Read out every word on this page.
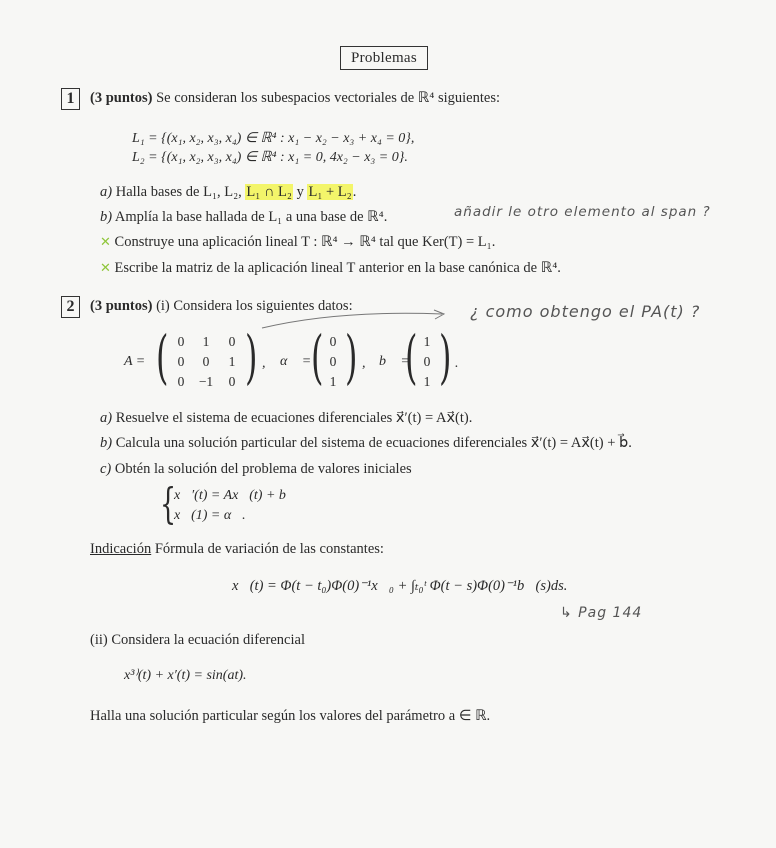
Problemas
1	(3 puntos) Se consideran los subespacios vectoriales de ℝ⁴ siguientes:
L₁ = {(x₁, x₂, x₃, x₄) ∈ ℝ⁴ : x₁ − x₂ − x₃ + x₄ = 0},
L₂ = {(x₁, x₂, x₃, x₄) ∈ ℝ⁴ : x₁ = 0, 4x₂ − x₃ = 0}.
a) Halla bases de L₁, L₂, L₁ ∩ L₂ y L₁ + L₂.
b) Amplía la base hallada de L₁ a una base de ℝ⁴.	añadir le otro elemento al span ?
✕ Construye una aplicación lineal T : ℝ⁴ → ℝ⁴ tal que Ker(T) = L₁.
✕ Escribe la matriz de la aplicación lineal T anterior en la base canónica de ℝ⁴.
2	(3 puntos) (i) Considera los siguientes datos:	¿ como obtengo el PA(t) ?
A = ( 0	1	0
0	0	1
0	−1	0 ) , α⃗ = ( 0
0
1 ) , b⃗ =
( 1
0
1 ) .
a) Resuelve el sistema de ecuaciones diferenciales x⃗′(t) = Ax⃗(t).
b) Calcula una solución particular del sistema de ecuaciones diferenciales x⃗′(t) = Ax⃗(t) + b⃗.
c) Obtén la solución del problema de valores iniciales
{
x⃗′(t) = Ax⃗(t) + b⃗
x⃗(1) = α⃗.
Indicación Fórmula de variación de las constantes:
x⃗(t) = Φ(t − t₀)Φ(0)⁻¹x⃗₀ + ∫ₜ₀ᵗ Φ(t − s)Φ(0)⁻¹b⃗(s)ds.
↳ Pag 144
(ii) Considera la ecuación diferencial
x³⁾(t) + x′(t) = sin(at).
Halla una solución particular según los valores del parámetro a ∈ ℝ.
